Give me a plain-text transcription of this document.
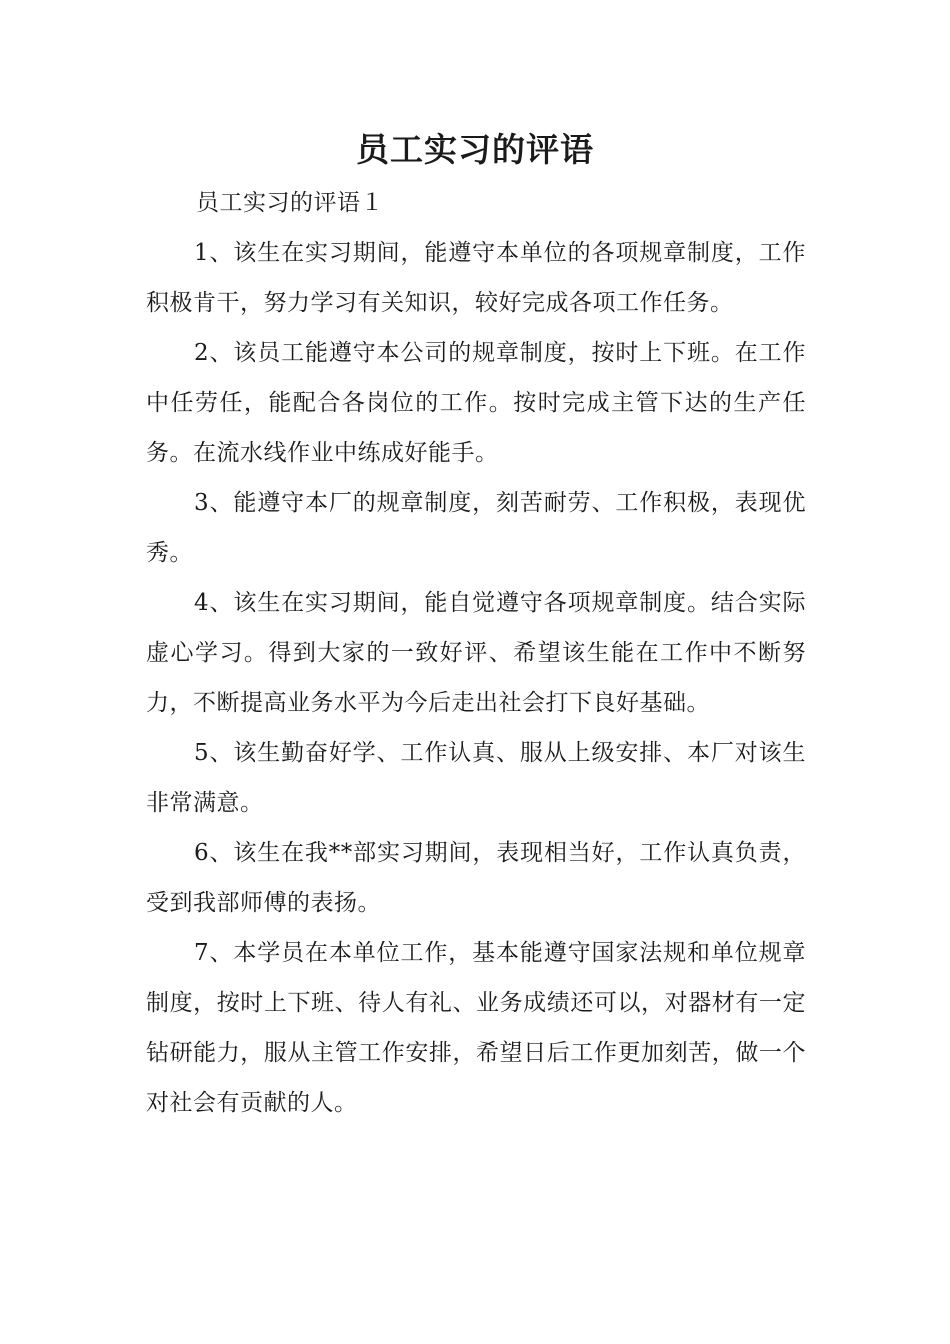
员工实习的评语

员工实习的评语１

1、该生在实习期间，能遵守本单位的各项规章制度，工作积极肯干，努力学习有关知识，较好完成各项工作任务。

2、该员工能遵守本公司的规章制度，按时上下班。在工作中任劳任，能配合各岗位的工作。按时完成主管下达的生产任务。在流水线作业中练成好能手。

3、能遵守本厂的规章制度，刻苦耐劳、工作积极，表现优秀。

4、该生在实习期间，能自觉遵守各项规章制度。结合实际虚心学习。得到大家的一致好评、希望该生能在工作中不断努力，不断提高业务水平为今后走出社会打下良好基础。

5、该生勤奋好学、工作认真、服从上级安排、本厂对该生非常满意。

6、该生在我**部实习期间，表现相当好，工作认真负责，受到我部师傅的表扬。

7、本学员在本单位工作，基本能遵守国家法规和单位规章制度，按时上下班、待人有礼、业务成绩还可以，对器材有一定钻研能力，服从主管工作安排，希望日后工作更加刻苦，做一个对社会有贡献的人。
